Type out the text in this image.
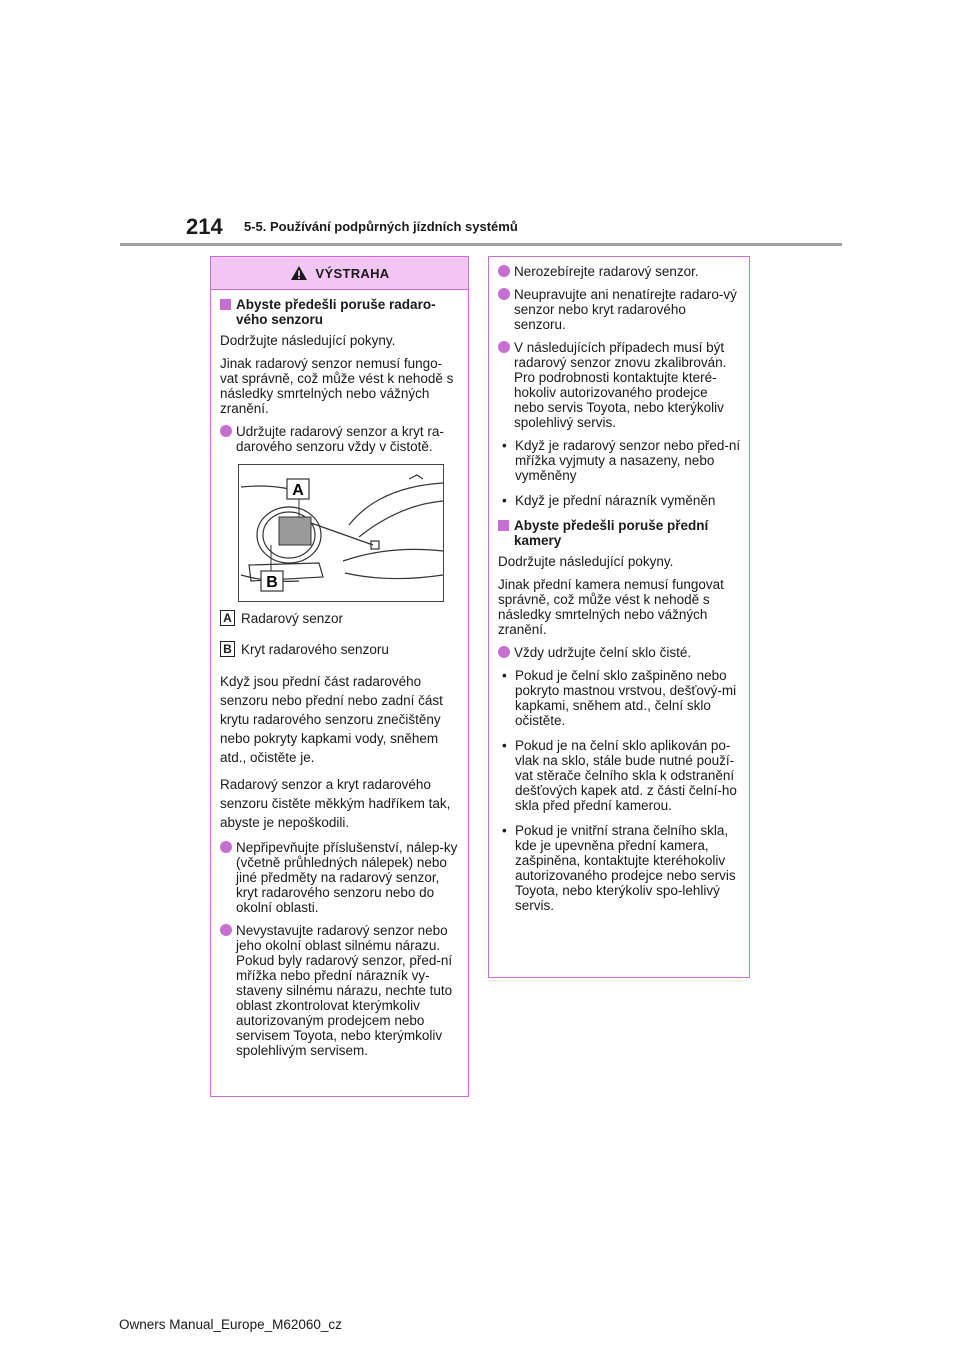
214 5-5. Používání podpůrných jízdních systémů
VÝSTRAHA
Abyste předešli poruše radaro-vého senzoru

Dodržujte následující pokyny.

Jinak radarový senzor nemusí fungo-vat správně, což může vést k nehodě s následky smrtelných nebo vážných zranění.

Udržujte radarový senzor a kryt ra-darového senzoru vždy v čistotě.
A
B
A Radarový senzor
B Kryt radarového senzoru

Když jsou přední část radarového senzoru nebo přední nebo zadní část krytu radarového senzoru znečištěny nebo pokryty kapkami vody, sněhem atd., očistěte je.

Radarový senzor a kryt radarového senzoru čistěte měkkým hadříkem tak, abyste je nepoškodili.

Nepřipevňujte příslušenství, nálep-ky (včetně průhledných nálepek) nebo jiné předměty na radarový senzor, kryt radarového senzoru nebo do okolní oblasti.
Nevystavujte radarový senzor nebo jeho okolní oblast silnému nárazu. Pokud byly radarový senzor, před-ní mřížka nebo přední nárazník vy-staveny silnému nárazu, nechte tuto oblast zkontrolovat kterýmkoliv autorizovaným prodejcem nebo servisem Toyota, nebo kterýmkoliv spolehlivým servisem.
Nerozebírejte radarový senzor.
Neupravujte ani nenatírejte radaro-vý senzor nebo kryt radarového senzoru.
V následujících případech musí být radarový senzor znovu zkalibrován. Pro podrobnosti kontaktujte které-hokoliv autorizovaného prodejce nebo servis Toyota, nebo kterýkoliv spolehlivý servis.
• Když je radarový senzor nebo před-ní mřížka vyjmuty a nasazeny, nebo vyměněny
• Když je přední nárazník vyměněn
Abyste předešli poruše přední kamery

Dodržujte následující pokyny.

Jinak přední kamera nemusí fungovat správně, což může vést k nehodě s následky smrtelných nebo vážných zranění.

Vždy udržujte čelní sklo čisté.
• Pokud je čelní sklo zašpiněno nebo pokryto mastnou vrstvou, dešťový-mi kapkami, sněhem atd., čelní sklo očistěte.
• Pokud je na čelní sklo aplikován po-vlak na sklo, stále bude nutné použí-vat stěrače čelního skla k odstranění dešťových kapek atd. z části čelní-ho skla před přední kamerou.
• Pokud je vnitřní strana čelního skla, kde je upevněna přední kamera, zašpiněna, kontaktujte kteréhokoliv autorizovaného prodejce nebo servis Toyota, nebo kterýkoliv spo-lehlivý servis.
Owners Manual_Europe_M62060_cz
